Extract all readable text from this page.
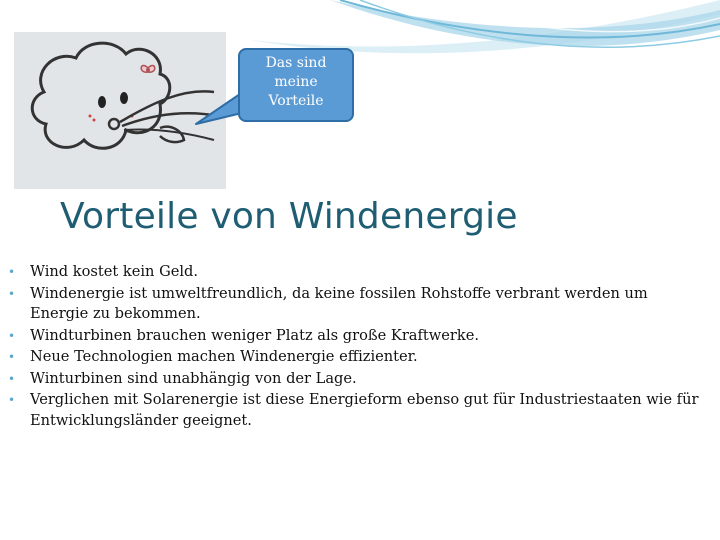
Das sind
meine
Vorteile
Vorteile von Windenergie
• Wind kostet kein Geld.
• Windenergie ist umweltfreundlich, da keine fossilen Rohstoffe verbrant werden um Energie zu bekommen.
• Windturbinen brauchen weniger Platz als große Kraftwerke.
• Neue Technologien machen Windenergie effizienter.
• Winturbinen sind unabhängig von der Lage.
• Verglichen mit Solarenergie ist diese Energieform ebenso gut für Industriestaaten wie für Entwicklungsländer geeignet.
